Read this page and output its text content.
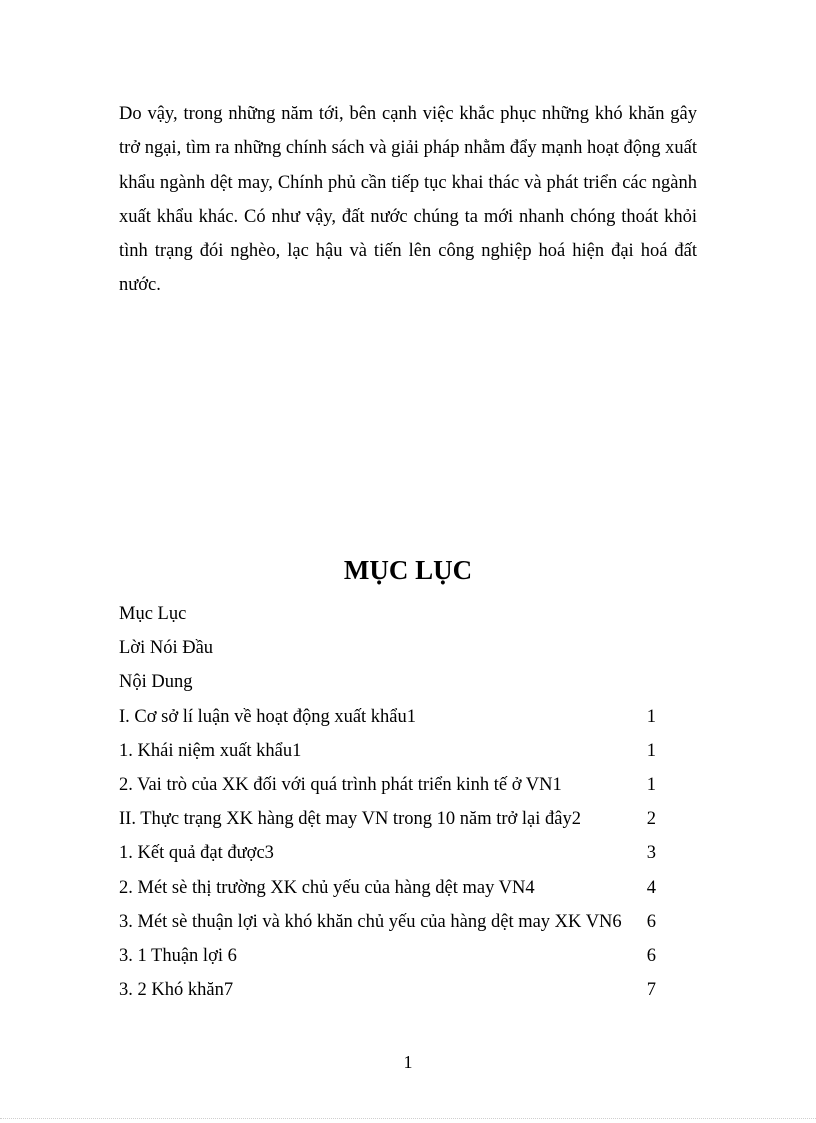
Do vậy, trong những năm tới, bên cạnh việc khắc phục những khó khăn gây trở ngại, tìm ra những chính sách và giải pháp nhằm đẩy mạnh hoạt động xuất khẩu ngành dệt may, Chính phủ cần tiếp tục khai thác và phát triển các ngành xuất khẩu khác. Có như vậy, đất nước chúng ta mới nhanh chóng thoát khỏi tình trạng đói nghèo, lạc hậu và tiến lên công nghiệp hoá hiện đại hoá đất nước.

MỤC LỤC
Mục Lục
Lời Nói Đầu
Nội Dung
I. Cơ sở lí luận về hoạt động xuất khẩu1	1
1. Khái niệm xuất khẩu1	1
2. Vai trò của XK đối với quá trình phát triển kinh tế ở VN1	1
II. Thực trạng XK hàng dệt may VN trong 10 năm trở lại đây2	2
1. Kết quả đạt được3	3
2. Mét sè thị trường XK chủ yếu của hàng dệt may VN4	4
3. Mét sè thuận lợi và khó khăn chủ yếu của hàng dệt may XK VN6 6
3. 1 Thuận lợi 6	6
3. 2 Khó khăn7	7
1
